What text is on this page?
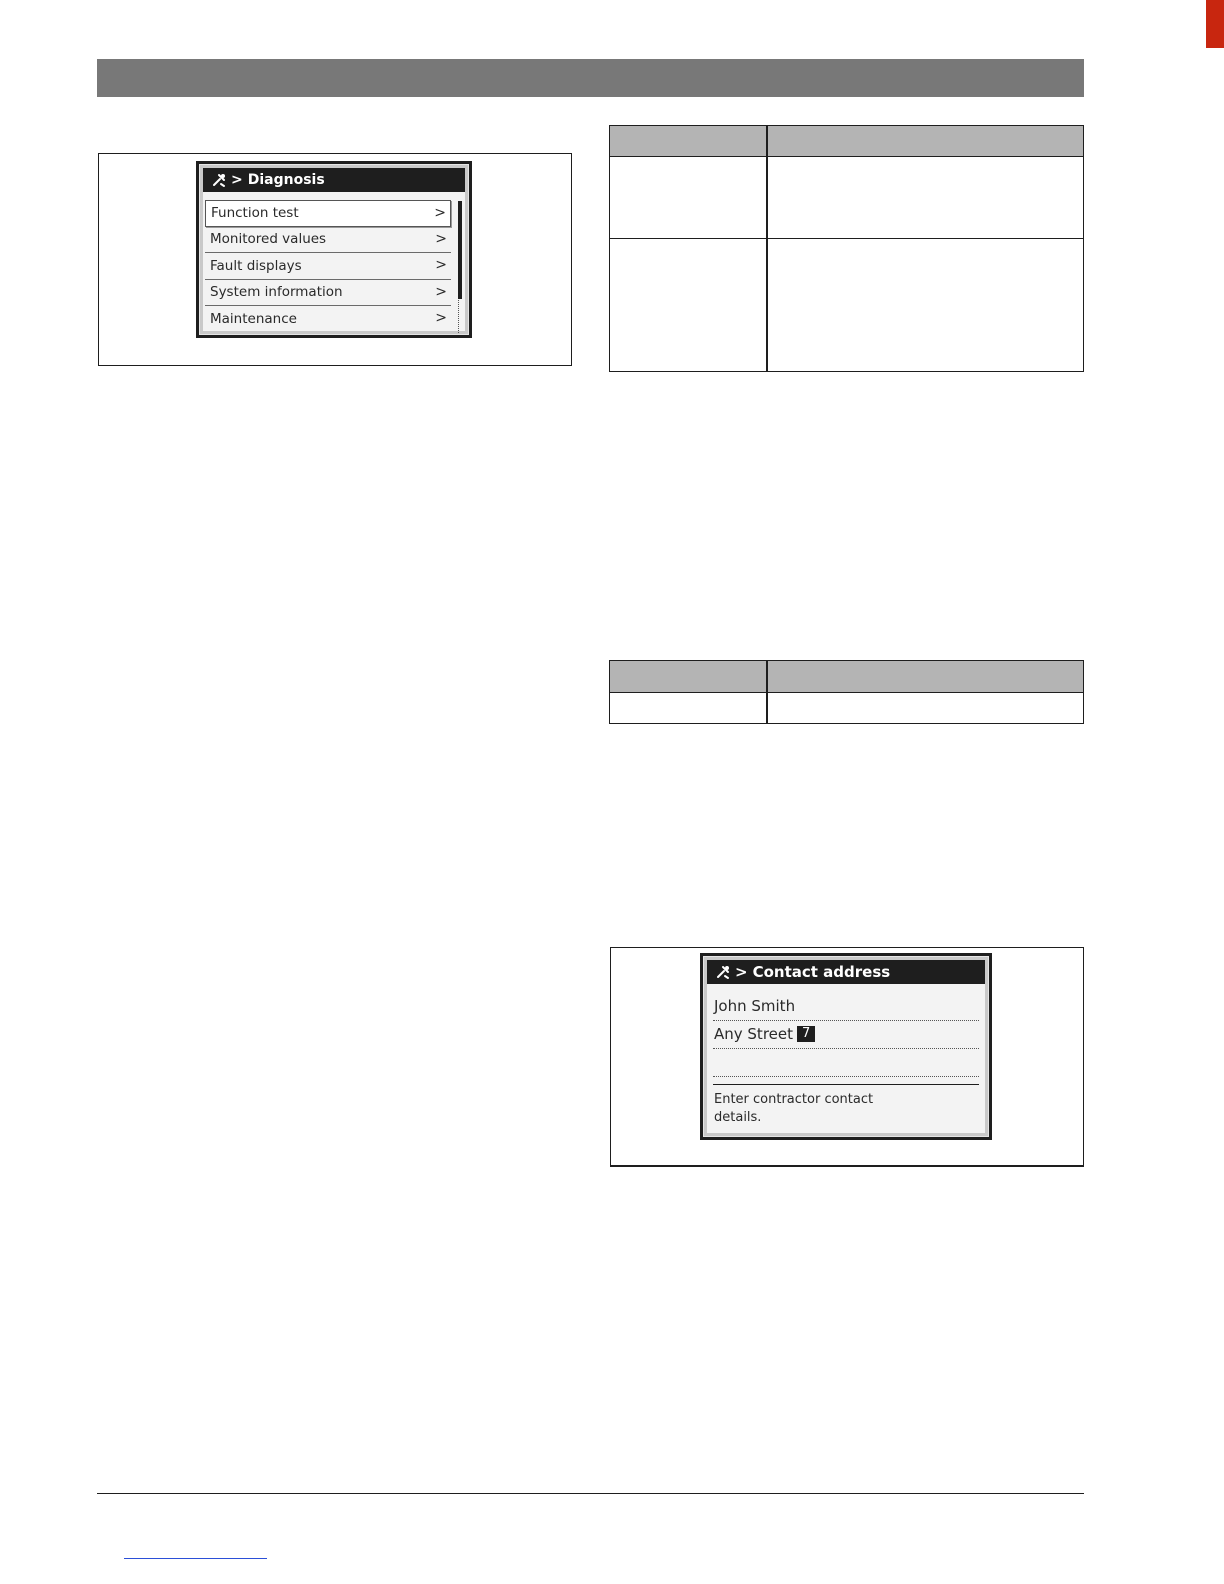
> Diagnosis
Function test	>
Monitored values	>
Fault displays	>
System information	>
Maintenance	>

> Contact address
John Smith
Any Street 7
Enter contractor contact
details.
